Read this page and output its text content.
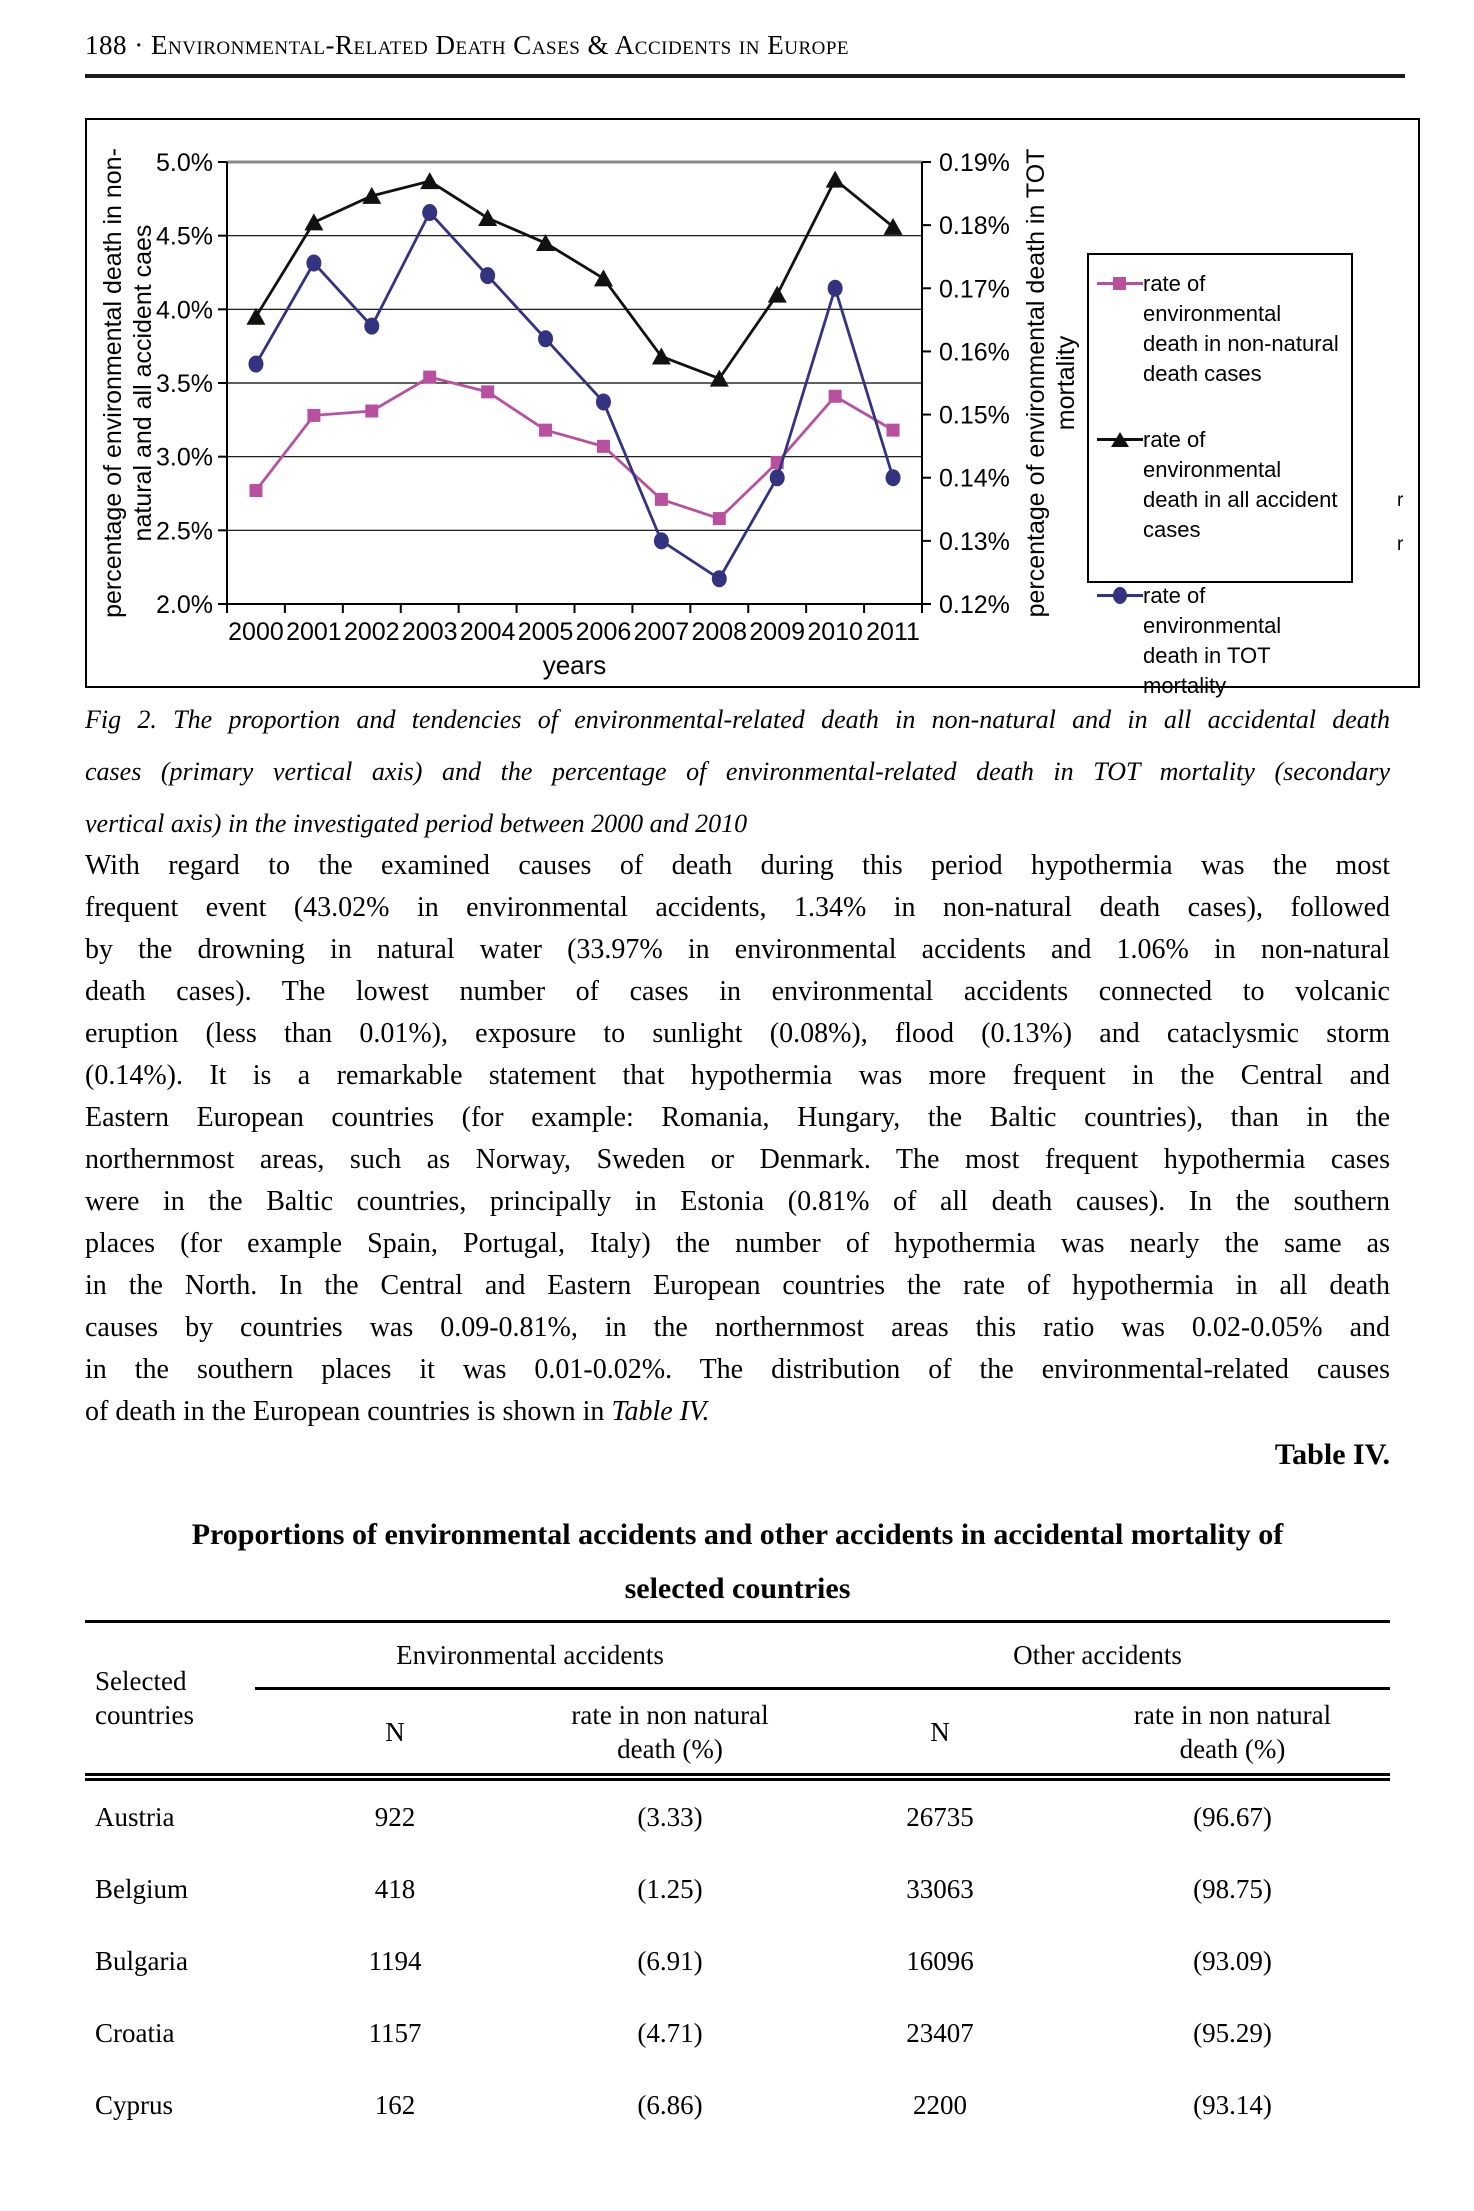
188 · Environmental-Related Death Cases & Accidents in Europe
5.0%
4.5%
4.0%
3.5%
3.0%
2.5%
2.0%
0.19%
0.18%
0.17%
0.16%
0.15%
0.14%
0.13%
0.12%
2000 2001 2002 2003 2004 2005 2006 2007 2008 2009 2010 2011
years
percentage of environmental death in non-natural and all accident caes	percentage of environmental death in TOTmortality
rate of environmental
death in non-natural
death cases
rate of environmental
death in all accident
cases
rate of environmental
death in TOT mortality
r
r
Fig 2. The proportion and tendencies of environmental-related death in non-natural and in all accidental death
cases (primary vertical axis) and the percentage of environmental-related death in TOT mortality (secondary
vertical axis) in the investigated period between 2000 and 2010
With regard to the examined causes of death during this period hypothermia was the most
frequent event (43.02% in environmental accidents, 1.34% in non-natural death cases), followed
by the drowning in natural water (33.97% in environmental accidents and 1.06% in non-natural
death cases). The lowest number of cases in environmental accidents connected to volcanic
eruption (less than 0.01%), exposure to sunlight (0.08%), flood (0.13%) and cataclysmic storm
(0.14%). It is a remarkable statement that hypothermia was more frequent in the Central and
Eastern European countries (for example: Romania, Hungary, the Baltic countries), than in the
northernmost areas, such as Norway, Sweden or Denmark. The most frequent hypothermia cases
were in the Baltic countries, principally in Estonia (0.81% of all death causes). In the southern
places (for example Spain, Portugal, Italy) the number of hypothermia was nearly the same as
in the North. In the Central and Eastern European countries the rate of hypothermia in all death
causes by countries was 0.09-0.81%, in the northernmost areas this ratio was 0.02-0.05% and
in the southern places it was 0.01-0.02%. The distribution of the environmental-related causes
of death in the European countries is shown in Table IV.
Table IV.
Proportions of environmental accidents and other accidents in accidental mortality of
selected countries
Selected
countries
Environmental accidents	Other accidents
N
rate in non natural
death (%)
N
rate in non natural
death (%)
Austria	922	(3.33)	26735	(96.67)
Belgium	418	(1.25)	33063	(98.75)
Bulgaria	1194	(6.91)	16096	(93.09)
Croatia	1157	(4.71)	23407	(95.29)
Cyprus	162	(6.86)	2200	(93.14)
